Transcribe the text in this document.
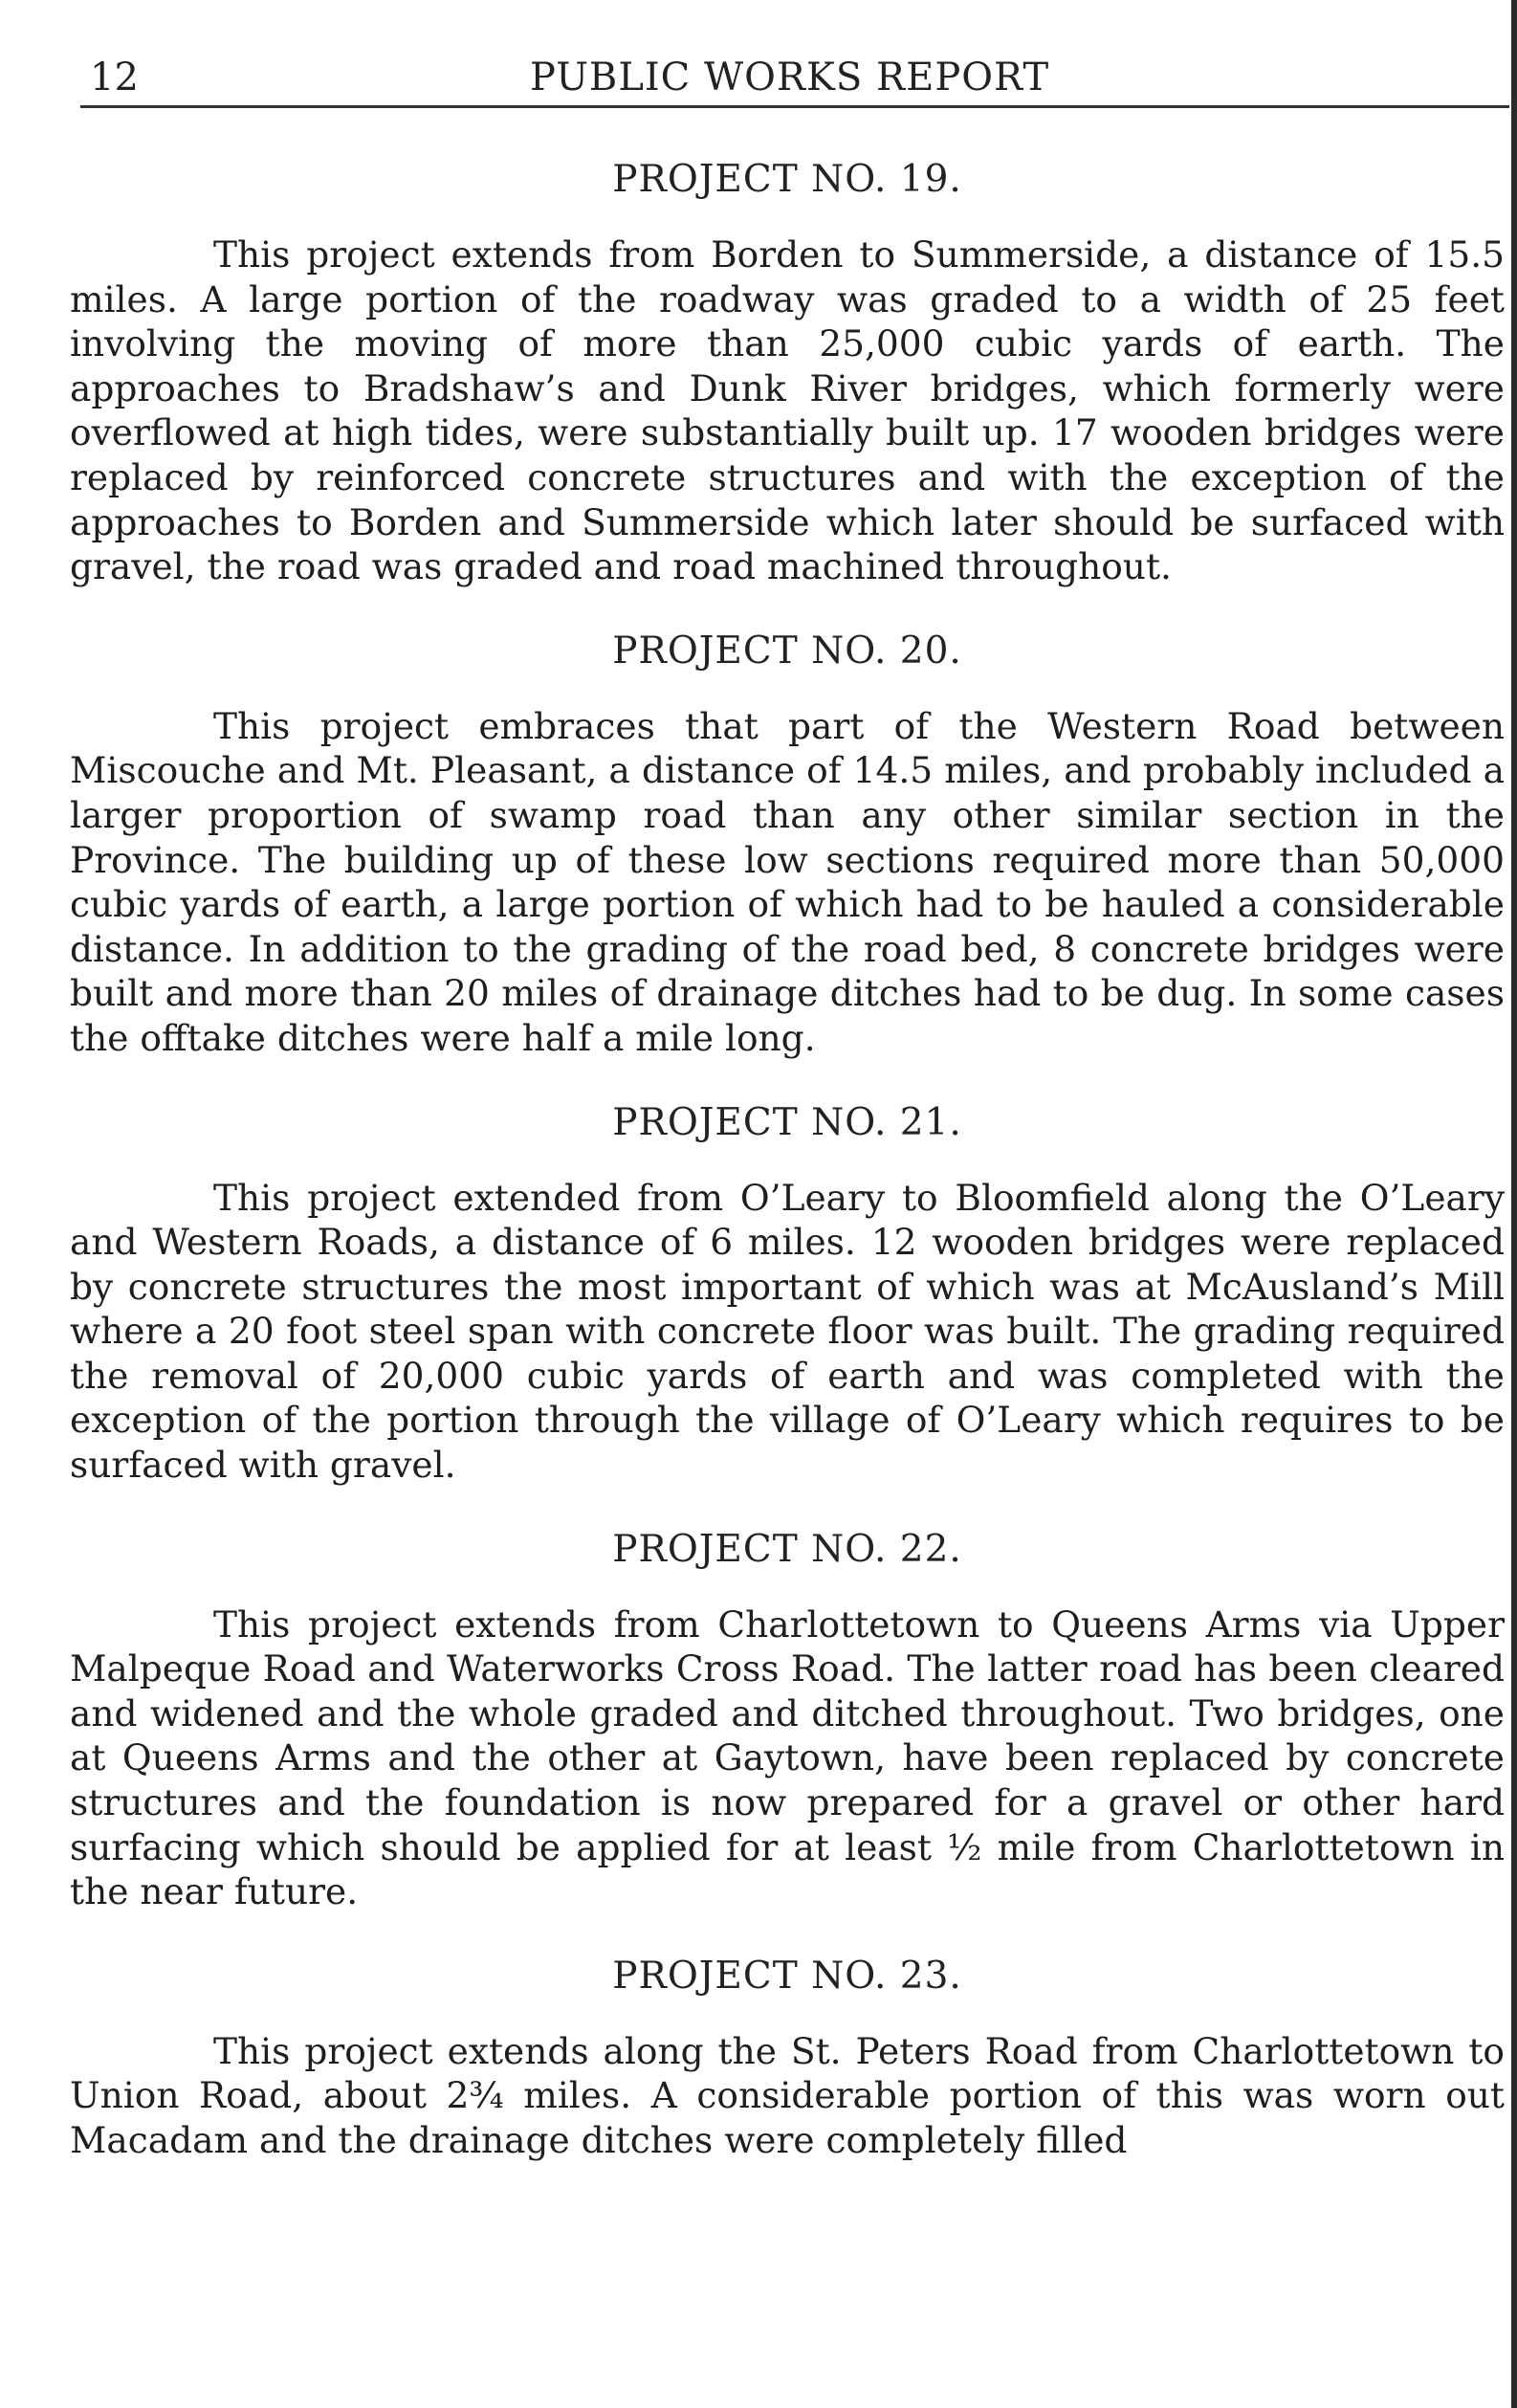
12	PUBLIC WORKS REPORT
PROJECT NO. 19.

This project extends from Borden to Summerside, a distance of 15.5 miles. A large portion of the roadway was graded to a width of 25 feet involving the moving of more than 25,000 cubic yards of earth. The approaches to Bradshaw’s and Dunk River bridges, which formerly were overflowed at high tides, were substantially built up. 17 wooden bridges were replaced by reinforced concrete structures and with the exception of the approaches to Borden and Summerside which later should be surfaced with gravel, the road was graded and road machined throughout.

PROJECT NO. 20.

This project embraces that part of the Western Road between Miscouche and Mt. Pleasant, a distance of 14.5 miles, and probably included a larger proportion of swamp road than any other similar section in the Province. The building up of these low sections required more than 50,000 cubic yards of earth, a large portion of which had to be hauled a considerable distance. In addition to the grading of the road bed, 8 concrete bridges were built and more than 20 miles of drainage ditches had to be dug. In some cases the offtake ditches were half a mile long.

PROJECT NO. 21.

This project extended from O’Leary to Bloomfield along the O’Leary and Western Roads, a distance of 6 miles. 12 wooden bridges were replaced by concrete structures the most important of which was at McAusland’s Mill where a 20 foot steel span with concrete floor was built. The grading required the removal of 20,000 cubic yards of earth and was completed with the exception of the portion through the village of O’Leary which requires to be surfaced with gravel.

PROJECT NO. 22.

This project extends from Charlottetown to Queens Arms via Upper Malpeque Road and Waterworks Cross Road. The latter road has been cleared and widened and the whole graded and ditched throughout. Two bridges, one at Queens Arms and the other at Gaytown, have been replaced by concrete structures and the foundation is now prepared for a gravel or other hard surfacing which should be applied for at least ½ mile from Charlottetown in the near future.

PROJECT NO. 23.

This project extends along the St. Peters Road from Charlottetown to Union Road, about 2¾ miles. A considerable portion of this was worn out Macadam and the drainage ditches were completely filled
